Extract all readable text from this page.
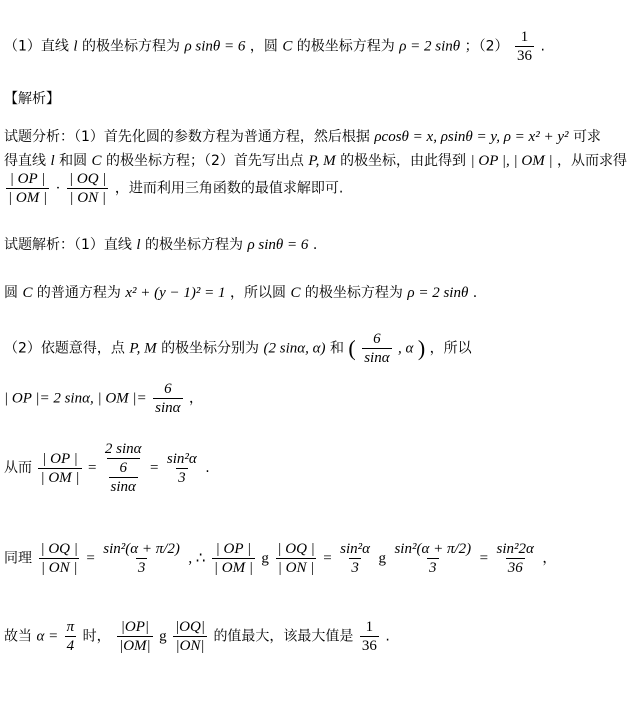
（1）直线 l 的极坐标方程为 ρ sinθ = 6 ，圆 C 的极坐标方程为 ρ = 2 sinθ ；$(2) \frac{1}{36}$ .
【解析】
试题分析：（1）首先化圆的参数方程为普通方程，然后根据 ρcosθ = x, ρsinθ = y, ρ = x² + y² 可求
得直线 l 和圆 C 的极坐标方程；（2）首先写出点 P, M 的极坐标，由此得到 | OP |, | OM | ，从而求得
$\frac{| OP |}{| OM |} \cdot \frac{| OQ |}{| ON |}$ ，进而利用三角函数的最值求解即可.
试题解析：（1）直线 l 的极坐标方程为 ρ sinθ = 6 .
圆 C 的普通方程为 x² + (y − 1)² = 1 ，所以圆 C 的极坐标方程为 ρ = 2 sinθ .
（2）依题意得，点 P, M 的极坐标分别为 (2 sinα, α) 和 ( $\frac{6}{\sin\alpha}$ , α ) ，所以
| OP |= 2 sinα, | OM |= $\frac{6}{\sin\alpha}$ ，
从而 $\frac{| OP |}{| OM |} = \frac{2 \sin\alpha}{\frac{6}{\sin\alpha}} = \frac{\text{sin²α}}{3}$ .
同理 $\frac{| OQ |}{| ON |} = \frac{\text{sin²(α + π/2)}}{3}$ , ∴ $\frac{| OP |}{| OM |}$ g $\frac{| OQ |}{| ON |} = \frac{\text{sin²α}}{3}$ g $\frac{\text{sin²(α + π/2)}}{3} = \frac{\text{sin²2α}}{36}$ ，
故当 $\alpha = \frac{\pi}{4}$ 时， $\frac{|OP|}{|OM|}$ g $\frac{|OQ|}{|ON|}$ 的值最大，该最大值是 $\frac{1}{36}$ .
